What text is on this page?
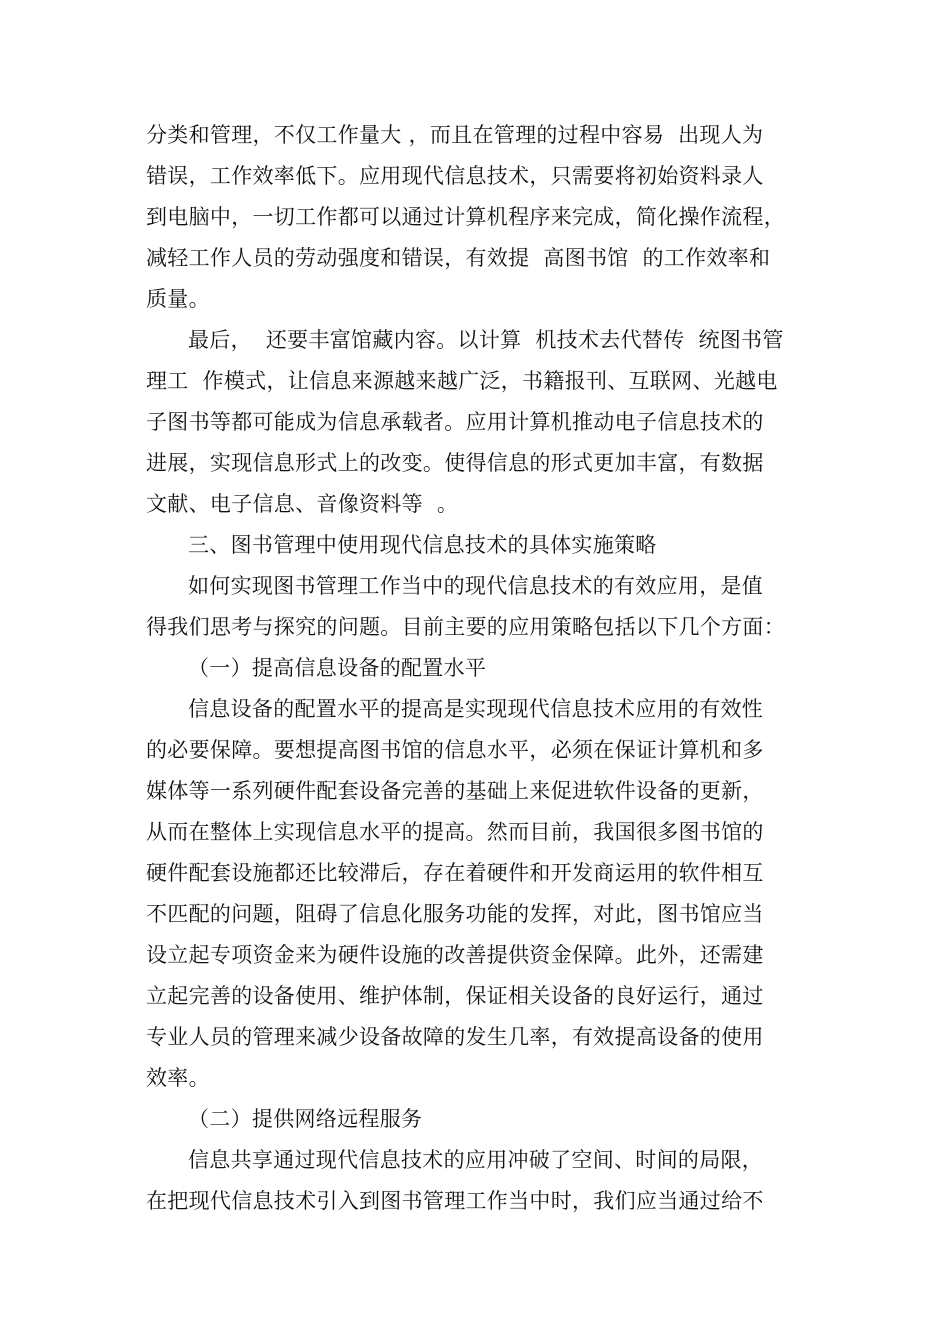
分类和管理，不仅工作量大 ，而且在管理的过程中容易  出现人为
错误，工作效率低下。应用现代信息技术，只需要将初始资料录人
到电脑中，一切工作都可以通过计算机程序来完成，简化操作流程，
减轻工作人员的劳动强度和错误，有效提  高图书馆  的工作效率和
质量。
最后，  还要丰富馆藏内容。以计算  机技术去代替传  统图书管
理工  作模式，让信息来源越来越广泛，书籍报刊、互联网、光越电
子图书等都可能成为信息承载者。应用计算机推动电子信息技术的
进展，实现信息形式上的改变。使得信息的形式更加丰富，有数据
文献、电子信息、音像资料等  。
三、图书管理中使用现代信息技术的具体实施策略
如何实现图书管理工作当中的现代信息技术的有效应用，是值
得我们思考与探究的问题。目前主要的应用策略包括以下几个方面：
（一）提高信息设备的配置水平
信息设备的配置水平的提高是实现现代信息技术应用的有效性
的必要保障。要想提高图书馆的信息水平，必须在保证计算机和多
媒体等一系列硬件配套设备完善的基础上来促进软件设备的更新，
从而在整体上实现信息水平的提高。然而目前，我国很多图书馆的
硬件配套设施都还比较滞后，存在着硬件和开发商运用的软件相互
不匹配的问题，阻碍了信息化服务功能的发挥，对此，图书馆应当
设立起专项资金来为硬件设施的改善提供资金保障。此外，还需建
立起完善的设备使用、维护体制，保证相关设备的良好运行，通过
专业人员的管理来减少设备故障的发生几率，有效提高设备的使用
效率。
（二）提供网络远程服务
信息共享通过现代信息技术的应用冲破了空间、时间的局限，
在把现代信息技术引入到图书管理工作当中时，我们应当通过给不
